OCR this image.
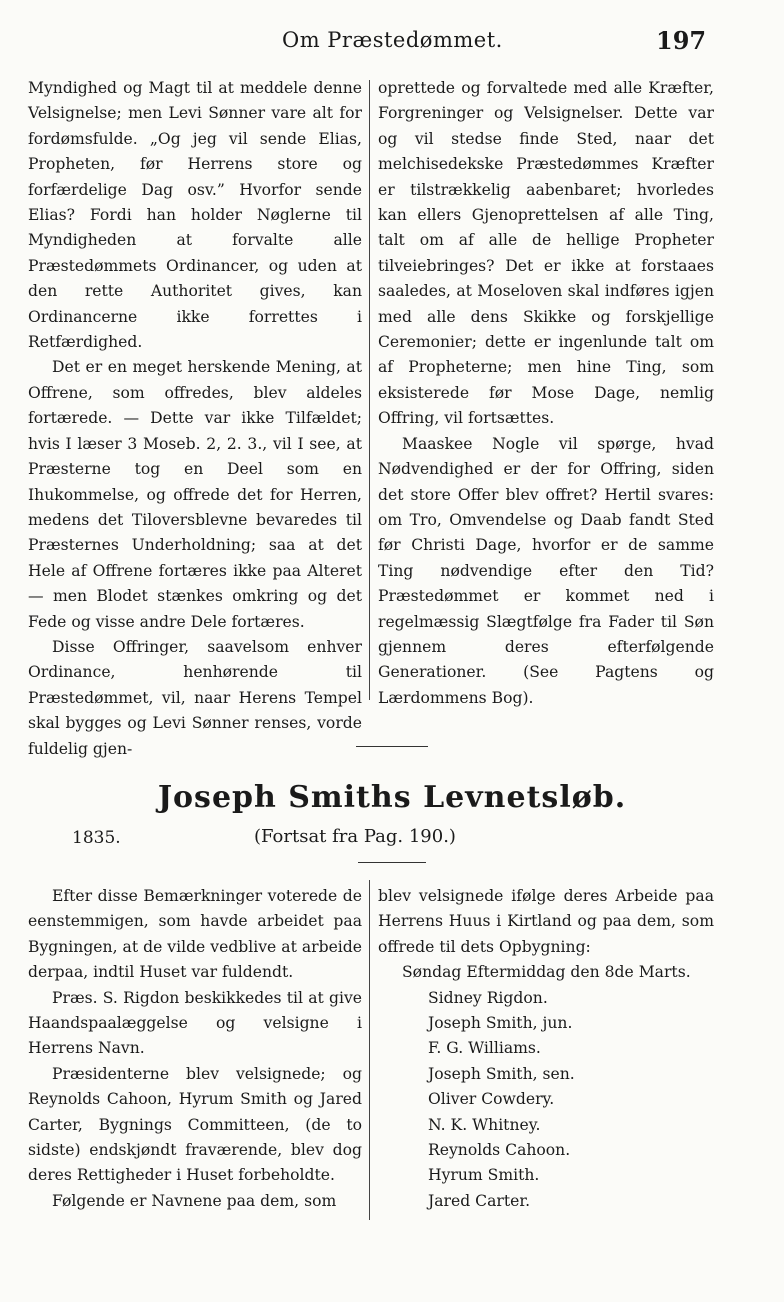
Om Præstedømmet.	197

Myndighed og Magt til at meddele denne Velsignelse; men Levi Sønner vare alt for fordømsfulde. „Og jeg vil sende Elias, Propheten, før Herrens store og forfærdelige Dag osv.” Hvorfor sende Elias? Fordi han holder Nøglerne til Myndigheden at forvalte alle Præstedømmets Ordinancer, og uden at den rette Authoritet gives, kan Ordinancerne ikke forrettes i Retfærdighed.

Det er en meget herskende Mening, at Offrene, som offredes, blev aldeles fortærede. — Dette var ikke Tilfældet; hvis I læser 3 Mosеb. 2, 2. 3., vil I see, at Præsterne tog en Deel som en Ihukommelse, og offrede det for Herren, medens det Tiloversblevne bevaredes til Præsternes Underholdning; saa at det Hele af Offrene fortæres ikke paa Alteret — men Blodet stænkes omkring og det Fede og visse andre Dele fortæres.

Disse Offringer, saavelsom enhver Ordinance, henhørende til Præstedømmet, vil, naar Herens Tempel skal bygges og Levi Sønner renses, vorde fuldelig gjen-

oprettede og forvaltede med alle Kræfter, Forgreninger og Velsignelser. Dette var og vil stedse finde Sted, naar det melchisedekske Præstedømmes Kræfter er tilstrækkelig aabenbaret; hvorledes kan ellers Gjenoprettelsen af alle Ting, talt om af alle de hellige Propheter tilveiebringes? Det er ikke at forstaaes saaledes, at Moseloven skal indføres igjen med alle dens Skikke og forskjellige Ceremonier; dette er ingenlunde talt om af Propheterne; men hine Ting, som eksisterede før Mose Dage, nemlig Offring, vil fortsættes.

Maaskee Nogle vil spørge, hvad Nødvendighed er der for Offring, siden det store Offer blev offret? Hertil svares: om Tro, Omvendelse og Daab fandt Sted før Christi Dage, hvorfor er de samme Ting nødvendige efter den Tid? Præstedømmet er kommet ned i regelmæssig Slægtfølge fra Fader til Søn gjennem deres efterfølgende Generationer. (See Pagtens og Lærdommens Bog).

Joseph Smiths Levnetsløb.
1835.	(Fortsat fra Pag. 190.)

Efter disse Bemærkninger voterede de eenstemmigen, som havde arbeidet paa Bygningen, at de vilde vedblive at arbeide derpaa, indtil Huset var fuldendt.

Præs. S. Rigdon beskikkedes til at give Haandspaalæggelse og velsigne i Herrens Navn.

Præsidenterne blev velsignede; og Reynolds Cahoon, Hyrum Smith og Jared Carter, Bygnings Committeen, (de to sidste) endskjøndt fraværende, blev dog deres Rettigheder i Huset forbeholdte.

Følgende er Navnene paa dem, som

blev velsignede ifølge deres Arbeide paa Herrens Huus i Kirtland og paa dem, som offrede til dets Opbygning:

Søndag Eftermiddag den 8de Marts.

Sidney Rigdon.
Joseph Smith, jun.
F. G. Williams.
Joseph Smith, sen.
Oliver Cowdery.
N. K. Whitney.
Reynolds Cahoon.
Hyrum Smith.
Jared Carter.
